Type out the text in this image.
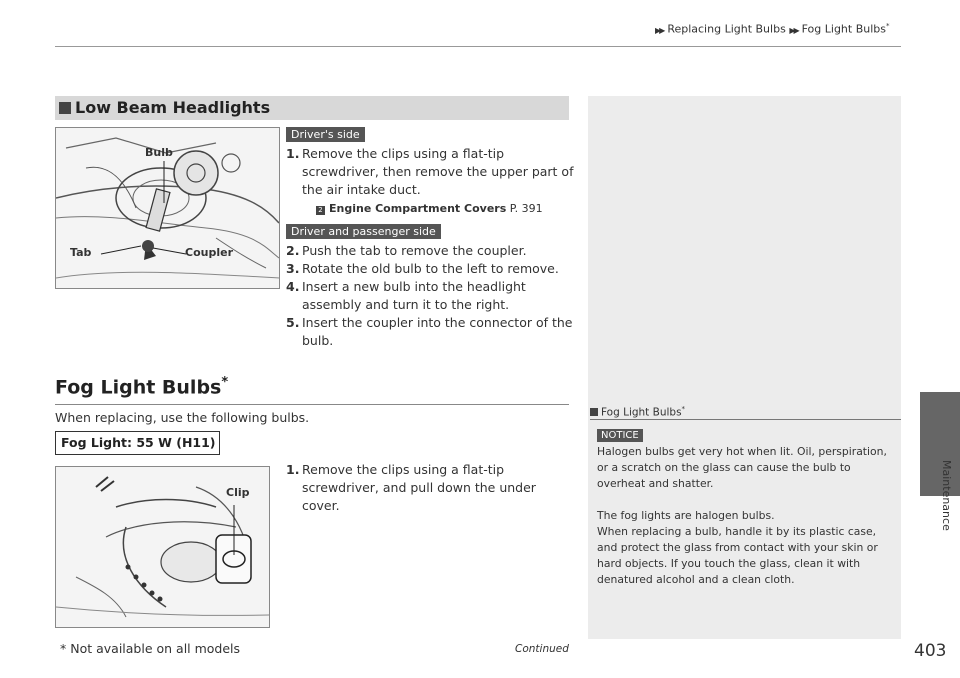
▶▶ Replacing Light Bulbs ▶▶ Fog Light Bulbs*
Maintenance
Low Beam Headlights
Bulb
Tab	Coupler
Driver's side
1. Remove the clips using a flat-tip
screwdriver, then remove the upper part of
the air intake duct.
2 Engine Compartment Covers P. 391
Driver and passenger side
2. Push the tab to remove the coupler.
3. Rotate the old bulb to the left to remove.
4. Insert a new bulb into the headlight
assembly and turn it to the right.
5. Insert the coupler into the connector of the
bulb.
Fog Light Bulbs*
When replacing, use the following bulbs.
Fog Light: 55 W (H11)
Clip
1. Remove the clips using a flat-tip
screwdriver, and pull down the under
cover.
Fog Light Bulbs*
NOTICE
Halogen bulbs get very hot when lit. Oil, perspiration,
or a scratch on the glass can cause the bulb to
overheat and shatter.
The fog lights are halogen bulbs.
When replacing a bulb, handle it by its plastic case,
and protect the glass from contact with your skin or
hard objects. If you touch the glass, clean it with
denatured alcohol and a clean cloth.
* Not available on all models	Continued	403
